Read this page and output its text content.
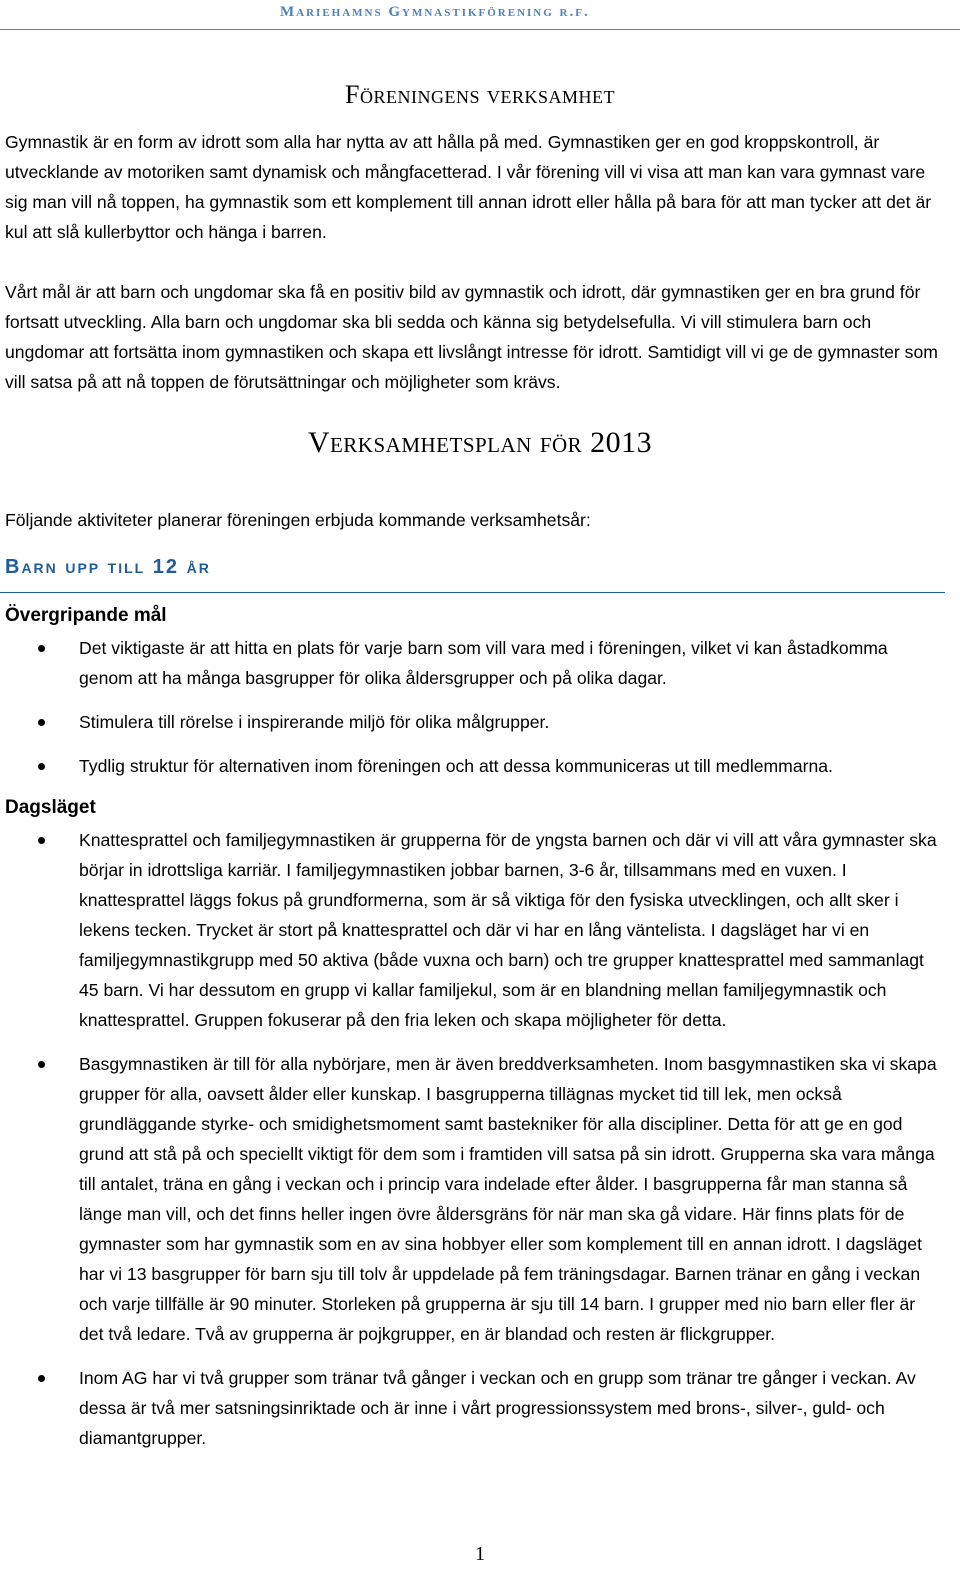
Mariehamns Gymnastikförening r.f.
Föreningens verksamhet
Gymnastik är en form av idrott som alla har nytta av att hålla på med. Gymnastiken ger en god kroppskontroll, är utvecklande av motoriken samt dynamisk och mångfacetterad. I vår förening vill vi visa att man kan vara gymnast vare sig man vill nå toppen, ha gymnastik som ett komplement till annan idrott eller hålla på bara för att man tycker att det är kul att slå kullerbyttor och hänga i barren.
Vårt mål är att barn och ungdomar ska få en positiv bild av gymnastik och idrott, där gymnastiken ger en bra grund för fortsatt utveckling. Alla barn och ungdomar ska bli sedda och känna sig betydelsefulla. Vi vill stimulera barn och ungdomar att fortsätta inom gymnastiken och skapa ett livslångt intresse för idrott. Samtidigt vill vi ge de gymnaster som vill satsa på att nå toppen de förutsättningar och möjligheter som krävs.
Verksamhetsplan för 2013
Följande aktiviteter planerar föreningen erbjuda kommande verksamhetsår:
Barn upp till 12 år
Övergripande mål
Det viktigaste är att hitta en plats för varje barn som vill vara med i föreningen, vilket vi kan åstadkomma genom att ha många basgrupper för olika åldersgrupper och på olika dagar.
Stimulera till rörelse i inspirerande miljö för olika målgrupper.
Tydlig struktur för alternativen inom föreningen och att dessa kommuniceras ut till medlemmarna.
Dagsläget
Knattesprattel och familjegymnastiken är grupperna för de yngsta barnen och där vi vill att våra gymnaster ska börjar in idrottsliga karriär. I familjegymnastiken jobbar barnen, 3-6 år, tillsammans med en vuxen. I knattesprattel läggs fokus på grundformerna, som är så viktiga för den fysiska utvecklingen, och allt sker i lekens tecken. Trycket är stort på knattesprattel och där vi har en lång väntelista. I dagsläget har vi en familjegymnastikgrupp med 50 aktiva (både vuxna och barn) och tre grupper knattesprattel med sammanlagt 45 barn. Vi har dessutom en grupp vi kallar familjekul, som är en blandning mellan familjegymnastik och knattesprattel. Gruppen fokuserar på den fria leken och skapa möjligheter för detta.
Basgymnastiken är till för alla nybörjare, men är även breddverksamheten. Inom basgymnastiken ska vi skapa grupper för alla, oavsett ålder eller kunskap. I basgrupperna tillägnas mycket tid till lek, men också grundläggande styrke- och smidighetsmoment samt bastekniker för alla discipliner. Detta för att ge en god grund att stå på och speciellt viktigt för dem som i framtiden vill satsa på sin idrott. Grupperna ska vara många till antalet, träna en gång i veckan och i princip vara indelade efter ålder. I basgrupperna får man stanna så länge man vill, och det finns heller ingen övre åldersgräns för när man ska gå vidare. Här finns plats för de gymnaster som har gymnastik som en av sina hobbyer eller som komplement till en annan idrott. I dagsläget har vi 13 basgrupper för barn sju till tolv år uppdelade på fem träningsdagar. Barnen tränar en gång i veckan och varje tillfälle är 90 minuter. Storleken på grupperna är sju till 14 barn. I grupper med nio barn eller fler är det två ledare. Två av grupperna är pojkgrupper, en är blandad och resten är flickgrupper.
Inom AG har vi två grupper som tränar två gånger i veckan och en grupp som tränar tre gånger i veckan. Av dessa är två mer satsningsinriktade och är inne i vårt progressionssystem med brons-, silver-, guld- och diamantgrupper.
1
